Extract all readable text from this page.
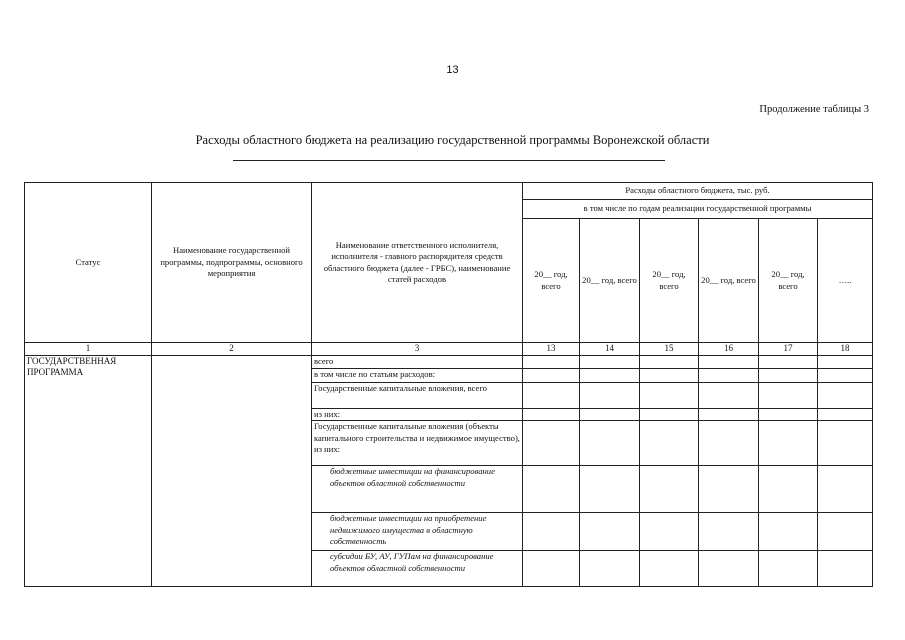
13
Продолжение таблицы 3
Расходы областного бюджета на реализацию государственной программы Воронежской области
Статус	Наименование государственной программы, подпрограммы, основного мероприятия	Наименование ответственного исполнителя, исполнителя - главного распорядителя средств областного бюджета (далее - ГРБС), наименование статей расходов	Расходы областного бюджета, тыс. руб.					
			в том числе по годам реализации государственной программы					
			20__ год, всего	20__ год, всего	20__ год, всего	20__ год, всего	20__ год, всего	…..
1	2	3	13	14	15	16	17	18
ГОСУДАРСТВЕННАЯ ПРОГРАММА		всего						
		в том числе по статьям расходов:						
		Государственные капитальные вложения, всего						
		из них:						
		Государственные капитальные вложения (объекты капитального строительства и недвижимое имущество), из них:						
		бюджетные инвестиции на финансирование объектов областной собственности						
		бюджетные инвестиции на приобретение недвижимого имущества в областную собственность						
		субсидии БУ, АУ, ГУПам на финансирование объектов областной собственности						
